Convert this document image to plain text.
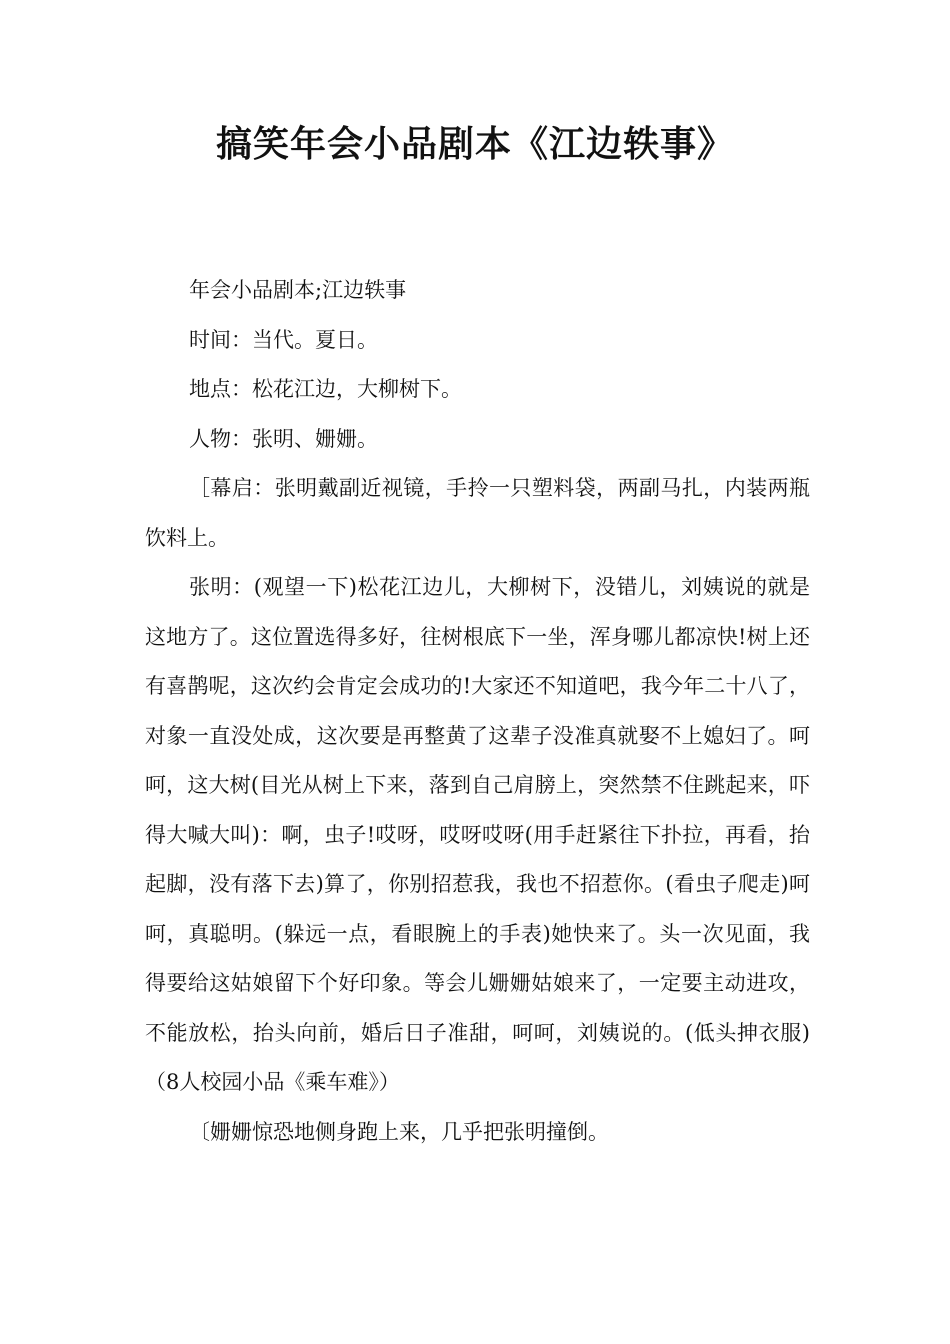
搞笑年会小品剧本《江边轶事》

年会小品剧本;江边轶事

时间：当代。夏日。

地点：松花江边，大柳树下。

人物：张明、姗姗。

［幕启：张明戴副近视镜，手拎一只塑料袋，两副马扎，内装两瓶饮料上。

张明：(观望一下)松花江边儿，大柳树下，没错儿，刘姨说的就是这地方了。这位置选得多好，往树根底下一坐，浑身哪儿都凉快!树上还有喜鹊呢，这次约会肯定会成功的!大家还不知道吧，我今年二十八了，对象一直没处成，这次要是再整黄了这辈子没准真就娶不上媳妇了。呵呵，这大树(目光从树上下来，落到自己肩膀上，突然禁不住跳起来，吓得大喊大叫)：啊，虫子!哎呀，哎呀哎呀(用手赶紧往下扑拉，再看，抬起脚，没有落下去)算了，你别招惹我，我也不招惹你。(看虫子爬走)呵呵，真聪明。(躲远一点，看眼腕上的手表)她快来了。头一次见面，我得要给这姑娘留下个好印象。等会儿姗姗姑娘来了，一定要主动进攻，不能放松，抬头向前，婚后日子准甜，呵呵，刘姨说的。(低头抻衣服)（8人校园小品《乘车难》）

〔姗姗惊恐地侧身跑上来，几乎把张明撞倒。
